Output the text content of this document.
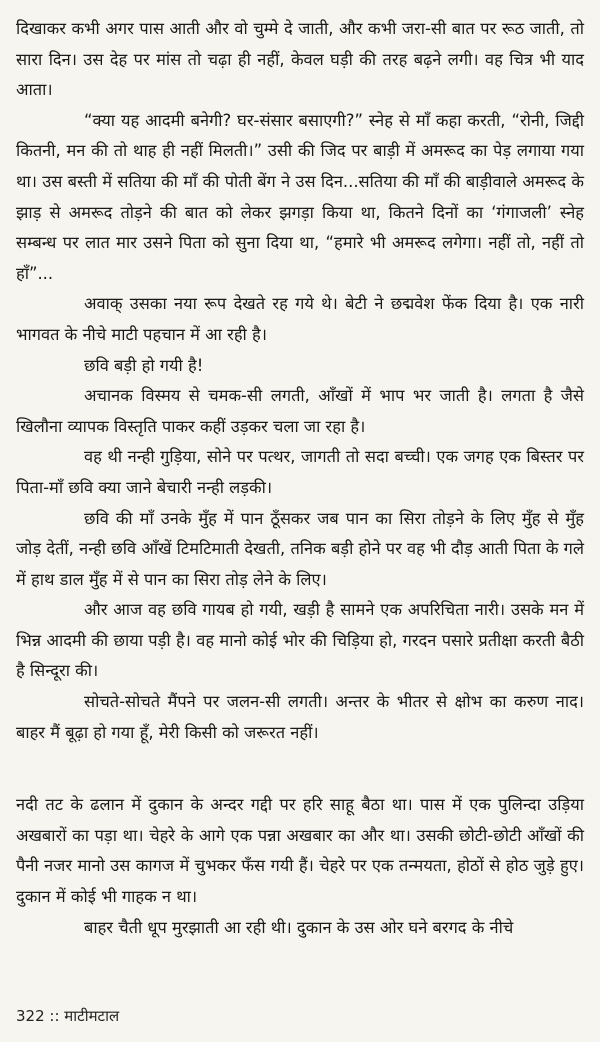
दिखाकर कभी अगर पास आती और वो चुम्मे दे जाती, और कभी जरा-सी बात पर रूठ जाती, तो सारा दिन। उस देह पर मांस तो चढ़ा ही नहीं, केवल घड़ी की तरह बढ़ने लगी। वह चित्र भी याद आता।

“क्या यह आदमी बनेगी? घर-संसार बसाएगी?” स्नेह से माँ कहा करती, “रोनी, जिद्दी कितनी, मन की तो थाह ही नहीं मिलती।” उसी की जिद पर बाड़ी में अमरूद का पेड़ लगाया गया था। उस बस्ती में सतिया की माँ की पोती बेंग ने उस दिन...सतिया की माँ की बाड़ीवाले अमरूद के झाड़ से अमरूद तोड़ने की बात को लेकर झगड़ा किया था, कितने दिनों का ‘गंगाजली’ स्नेह सम्बन्ध पर लात मार उसने पिता को सुना दिया था, “हमारे भी अमरूद लगेगा। नहीं तो, नहीं तो हाँ”...

अवाक् उसका नया रूप देखते रह गये थे। बेटी ने छद्मवेश फेंक दिया है। एक नारी भागवत के नीचे माटी पहचान में आ रही है।

छवि बड़ी हो गयी है!

अचानक विस्मय से चमक-सी लगती, आँखों में भाप भर जाती है। लगता है जैसे खिलौना व्यापक विस्तृति पाकर कहीं उड़कर चला जा रहा है।

वह थी नन्ही गुड़िया, सोने पर पत्थर, जागती तो सदा बच्ची। एक जगह एक बिस्तर पर पिता-माँ छवि क्या जाने बेचारी नन्ही लड़की।

छवि की माँ उनके मुँह में पान ठूँसकर जब पान का सिरा तोड़ने के लिए मुँह से मुँह जोड़ देतीं, नन्ही छवि आँखें टिमटिमाती देखती, तनिक बड़ी होने पर वह भी दौड़ आती पिता के गले में हाथ डाल मुँह में से पान का सिरा तोड़ लेने के लिए।

और आज वह छवि गायब हो गयी, खड़ी है सामने एक अपरिचिता नारी। उसके मन में भिन्न आदमी की छाया पड़ी है। वह मानो कोई भोर की चिड़िया हो, गरदन पसारे प्रतीक्षा करती बैठी है सिन्दूरा की।

सोचते-सोचते मैंपने पर जलन-सी लगती। अन्तर के भीतर से क्षोभ का करुण नाद। बाहर मैं बूढ़ा हो गया हूँ, मेरी किसी को जरूरत नहीं।

नदी तट के ढलान में दुकान के अन्दर गद्दी पर हरि साहू बैठा था। पास में एक पुलिन्दा उड़िया अखबारों का पड़ा था। चेहरे के आगे एक पन्ना अखबार का और था। उसकी छोटी-छोटी आँखों की पैनी नजर मानो उस कागज में चुभकर फँस गयी हैं। चेहरे पर एक तन्मयता, होठों से होठ जुड़े हुए। दुकान में कोई भी गाहक न था।

बाहर चैती धूप मुरझाती आ रही थी। दुकान के उस ओर घने बरगद के नीचे

322 :: माटीमटाल
